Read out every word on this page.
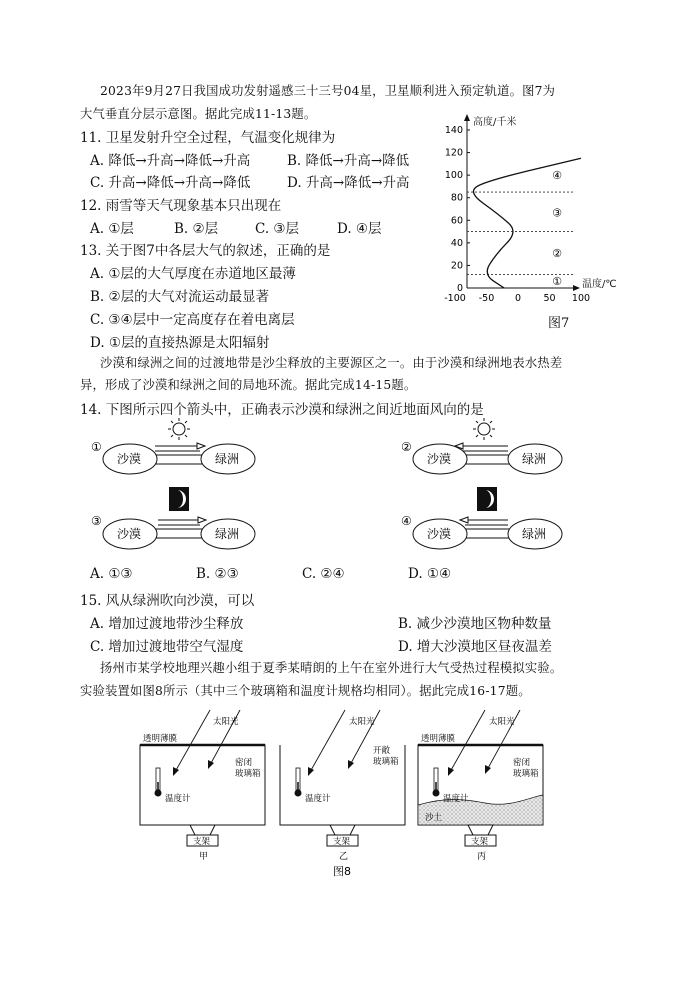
2023年9月27日我国成功发射遥感三十三号04星，卫星顺利进入预定轨道。图7为
大气垂直分层示意图。据此完成11-13题。
11. 卫星发射升空全过程，气温变化规律为
A. 降低→升高→降低→升高	B. 降低→升高→降低
C. 升高→降低→升高→降低	D. 升高→降低→升高
12. 雨雪等天气现象基本只出现在
A. ①层	B. ②层	C. ③层	D. ④层
13. 关于图7中各层大气的叙述，正确的是
A. ①层的大气厚度在赤道地区最薄
B. ②层的大气对流运动最显著
C. ③④层中一定高度存在着电离层
D. ①层的直接热源是太阳辐射
高度/千米
温度/℃
140
120
100
80
60
40
20
0
-100 -50 0 50 100
①
②
③
④
图7
沙漠和绿洲之间的过渡地带是沙尘释放的主要源区之一。由于沙漠和绿洲地表水热差
异，形成了沙漠和绿洲之间的局地环流。据此完成14-15题。
14. 下图所示四个箭头中，正确表示沙漠和绿洲之间近地面风向的是
①
沙漠	绿洲
②
沙漠	绿洲
③
沙漠	绿洲
④
沙漠	绿洲
A. ①③	B. ②③	C. ②④	D. ①④
15. 风从绿洲吹向沙漠，可以
A. 增加过渡地带沙尘释放	B. 减少沙漠地区物种数量
C. 增加过渡地带空气湿度	D. 增大沙漠地区昼夜温差
扬州市某学校地理兴趣小组于夏季某晴朗的上午在室外进行大气受热过程模拟实验。
实验装置如图8所示（其中三个玻璃箱和温度计规格均相同）。据此完成16-17题。
透明薄膜
太阳光
密闭
玻璃箱
温度计
支架
甲
太阳光
开敞
玻璃箱
温度计
支架
乙
透明薄膜
太阳光
密闭
玻璃箱
温度计
沙土
支架
丙
图8
